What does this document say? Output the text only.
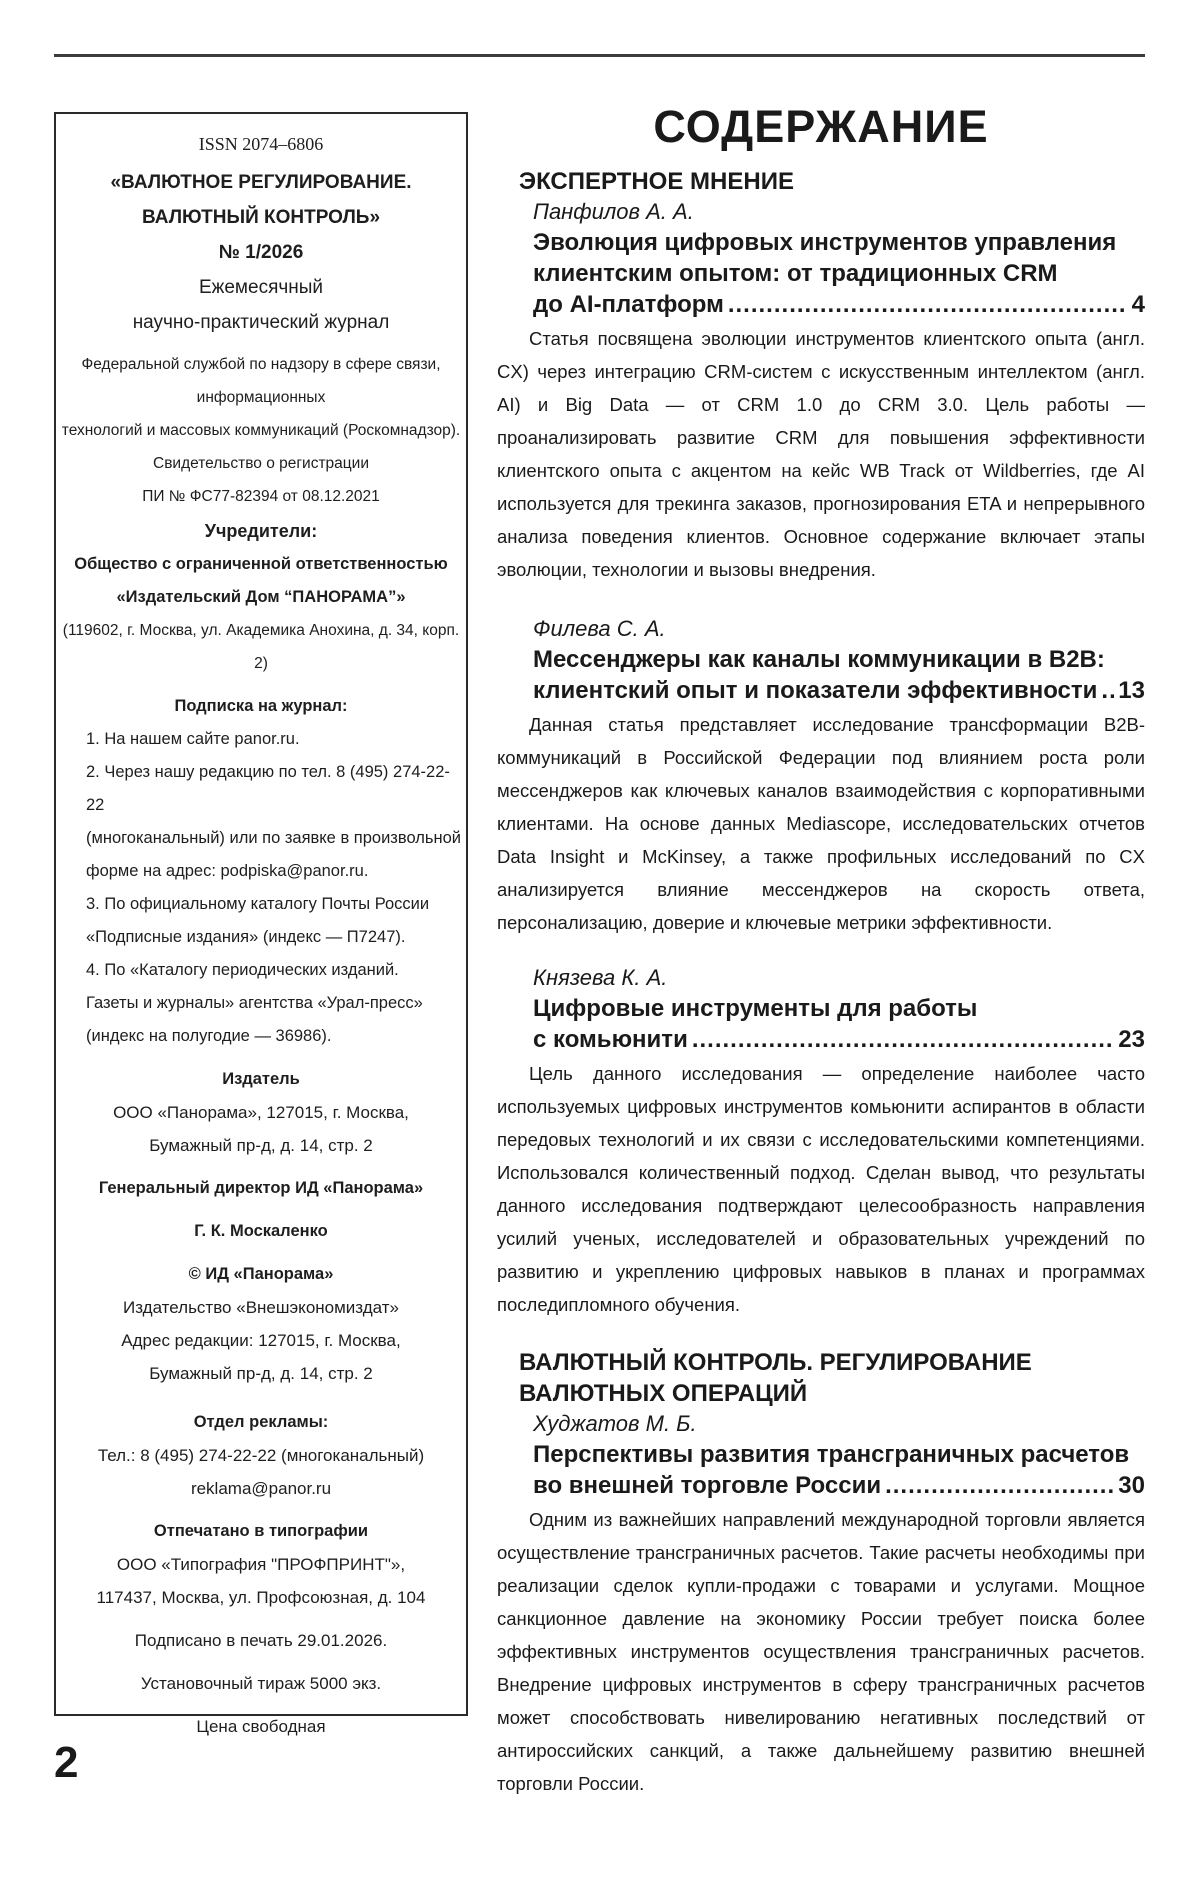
ISSN 2074–6806
«ВАЛЮТНОЕ РЕГУЛИРОВАНИЕ.
ВАЛЮТНЫЙ КОНТРОЛЬ»
№ 1/2026
Ежемесячный
научно-практический журнал
Федеральной службой по надзору в сфере связи, информационных
технологий и массовых коммуникаций (Роскомнадзор).
Свидетельство о регистрации
ПИ № ФС77-82394 от 08.12.2021
Учредители:
Общество с ограниченной ответственностью
«Издательский Дом “ПАНОРАМА”»
(119602, г. Москва, ул. Академика Анохина, д. 34, корп. 2)
Подписка на журнал:
1. На нашем сайте panor.ru.
2. Через нашу редакцию по тел. 8 (495) 274-22-22
(многоканальный) или по заявке в произвольной
форме на адрес: podpiska@panor.ru.
3. По официальному каталогу Почты России
«Подписные издания» (индекс — П7247).
4. По «Каталогу периодических изданий.
Газеты и журналы» агентства «Урал-пресс»
(индекс на полугодие — 36986).
Издатель
ООО «Панорама», 127015, г. Москва,
Бумажный пр-д, д. 14, стр. 2
Генеральный директор ИД «Панорама»
Г. К. Москаленко
© ИД «Панорама»
Издательство «Внешэкономиздат»
Адрес редакции: 127015, г. Москва,
Бумажный пр-д, д. 14, стр. 2
Отдел рекламы:
Тел.: 8 (495) 274-22-22 (многоканальный)
reklama@panor.ru
Отпечатано в типографии
ООО «Типография "ПРОФПРИНТ"»,
117437, Москва, ул. Профсоюзная, д. 104
Подписано в печать 29.01.2026.
Установочный тираж 5000 экз.
Цена свободная
СОДЕРЖАНИЕ
ЭКСПЕРТНОЕ МНЕНИЕ
Панфилов А. А.
Эволюция цифровых инструментов управления
клиентским опытом: от традиционных CRM
до AI-платформ .....	4
Статья посвящена эволюции инструментов клиентского опыта (англ. CX) через интеграцию CRM-систем с искусственным интеллектом (англ. AI) и Big Data — от CRM 1.0 до CRM 3.0. Цель работы — проанализировать развитие CRM для повышения эффективности клиентского опыта с акцентом на кейс WB Track от Wildberries, где AI используется для трекинга заказов, прогнозирования ETA и непрерывного анализа поведения клиентов. Основное содержание включает этапы эволюции, технологии и вызовы внедрения.
Филева С. А.
Мессенджеры как каналы коммуникации в B2B:
клиентский опыт и показатели эффективности ..... 13
Данная статья представляет исследование трансформации B2B-коммуникаций в Российской Федерации под влиянием роста роли мессенджеров как ключевых каналов взаимодействия с корпоративными клиентами. На основе данных Mediascope, исследовательских отчетов Data Insight и McKinsey, а также профильных исследований по CX анализируется влияние мессенджеров на скорость ответа, персонализацию, доверие и ключевые метрики эффективности.
Князева К. А.
Цифровые инструменты для работы
с комьюнити .....	23
Цель данного исследования — определение наиболее часто используемых цифровых инструментов комьюнити аспирантов в области передовых технологий и их связи с исследовательскими компетенциями. Использовался количественный подход. Сделан вывод, что результаты данного исследования подтверждают целесообразность направления усилий ученых, исследователей и образовательных учреждений по развитию и укреплению цифровых навыков в планах и программах последипломного обучения.
ВАЛЮТНЫЙ КОНТРОЛЬ. РЕГУЛИРОВАНИЕ
ВАЛЮТНЫХ ОПЕРАЦИЙ
Худжатов М. Б.
Перспективы развития трансграничных расчетов
во внешней торговле России .....	30
Одним из важнейших направлений международной торговли является осуществление трансграничных расчетов. Такие расчеты необходимы при реализации сделок купли-продажи с товарами и услугами. Мощное санкционное давление на экономику России требует поиска более эффективных инструментов осуществления трансграничных расчетов. Внедрение цифровых инструментов в сферу трансграничных расчетов может способствовать нивелированию негативных последствий от антироссийских санкций, а также дальнейшему развитию внешней торговли России.
2
